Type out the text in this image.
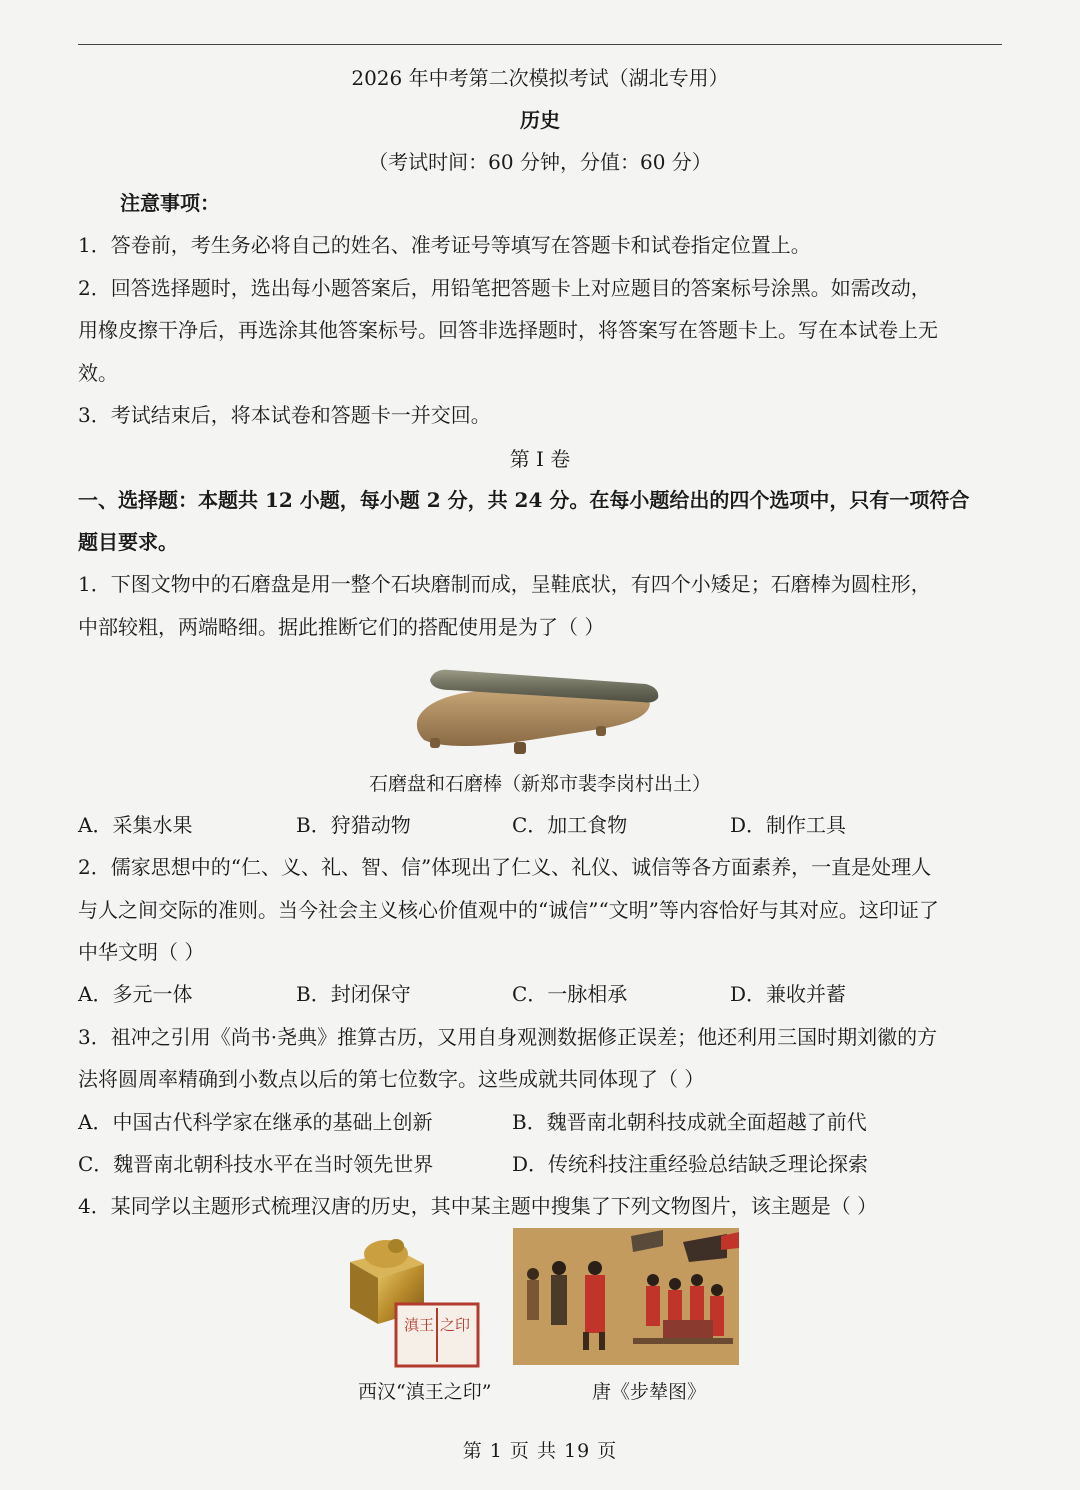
2026 年中考第二次模拟考试（湖北专用）
历史
（考试时间：60 分钟，分值：60 分）
注意事项：
1．答卷前，考生务必将自己的姓名、准考证号等填写在答题卡和试卷指定位置上。
2．回答选择题时，选出每小题答案后，用铅笔把答题卡上对应题目的答案标号涂黑。如需改动，
用橡皮擦干净后，再选涂其他答案标号。回答非选择题时，将答案写在答题卡上。写在本试卷上无
效。
3．考试结束后，将本试卷和答题卡一并交回。
第 I 卷
一、选择题：本题共 12 小题，每小题 2 分，共 24 分。在每小题给出的四个选项中，只有一项符合
题目要求。
1．下图文物中的石磨盘是用一整个石块磨制而成，呈鞋底状，有四个小矮足；石磨棒为圆柱形，
中部较粗，两端略细。据此推断它们的搭配使用是为了（ ）
石磨盘和石磨棒（新郑市裴李岗村出土）
A．采集水果	B．狩猎动物	C．加工食物	D．制作工具
2．儒家思想中的“仁、义、礼、智、信”体现出了仁义、礼仪、诚信等各方面素养，一直是处理人
与人之间交际的准则。当今社会主义核心价值观中的“诚信”“文明”等内容恰好与其对应。这印证了
中华文明（ ）
A．多元一体	B．封闭保守	C．一脉相承	D．兼收并蓄
3．祖冲之引用《尚书·尧典》推算古历，又用自身观测数据修正误差；他还利用三国时期刘徽的方
法将圆周率精确到小数点以后的第七位数字。这些成就共同体现了（ ）
A．中国古代科学家在继承的基础上创新	B．魏晋南北朝科技成就全面超越了前代
C．魏晋南北朝科技水平在当时领先世界	D．传统科技注重经验总结缺乏理论探索
4．某同学以主题形式梳理汉唐的历史，其中某主题中搜集了下列文物图片，该主题是（ ）
滇王 之印
西汉“滇王之印”	唐《步辇图》
第 1 页 共 19 页
